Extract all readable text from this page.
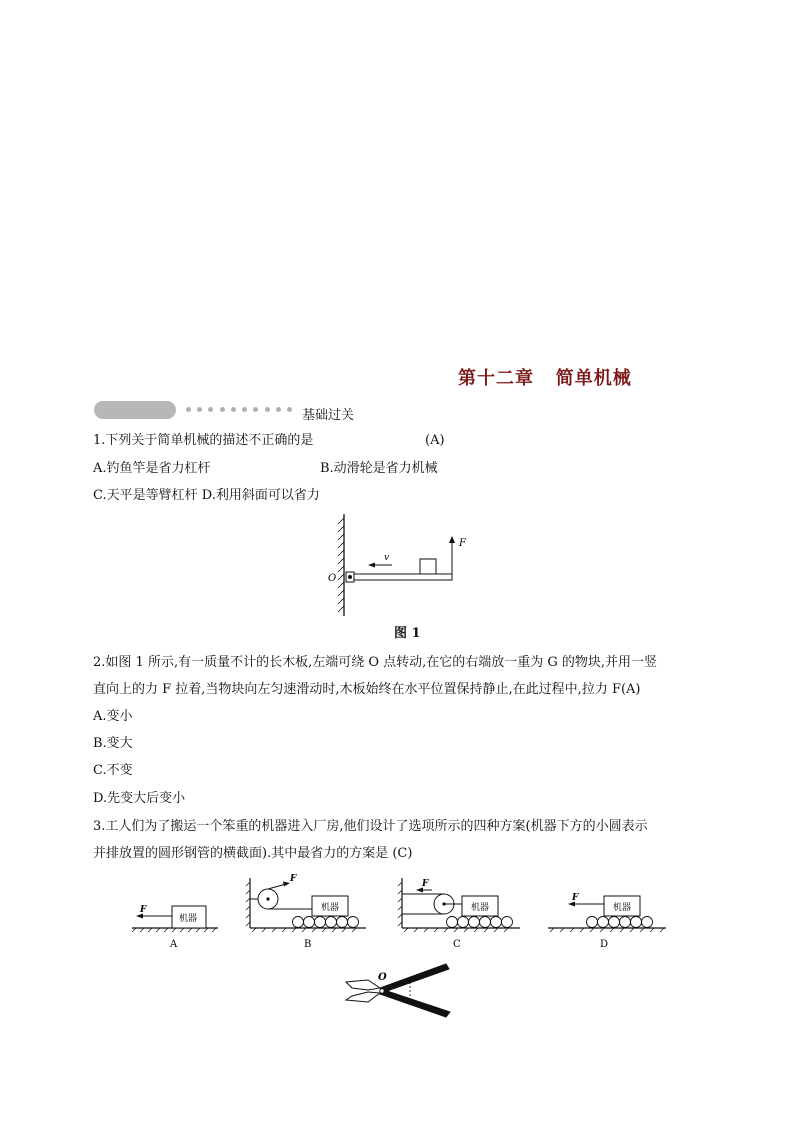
第十二章   简单机械
基础过关
1.下列关于简单机械的描述不正确的是	(A)
A.钓鱼竿是省力杠杆	B.动滑轮是省力机械
C.天平是等臂杠杆 D.利用斜面可以省力
O
v
F
图 1
2.如图 1 所示,有一质量不计的长木板,左端可绕 O 点转动,在它的右端放一重为 G 的物块,并用一竖
直向上的力 F 拉着,当物块向左匀速滑动时,木板始终在水平位置保持静止,在此过程中,拉力 F(A)
A.变小
B.变大
C.不变
D.先变大后变小
3.工人们为了搬运一个笨重的机器进入厂房,他们设计了选项所示的四种方案(机器下方的小圆表示
并排放置的圆形钢管的横截面).其中最省力的方案是 (C)
机器
F
A
F
机器
B
F
机器
C
机器
F
D
O
